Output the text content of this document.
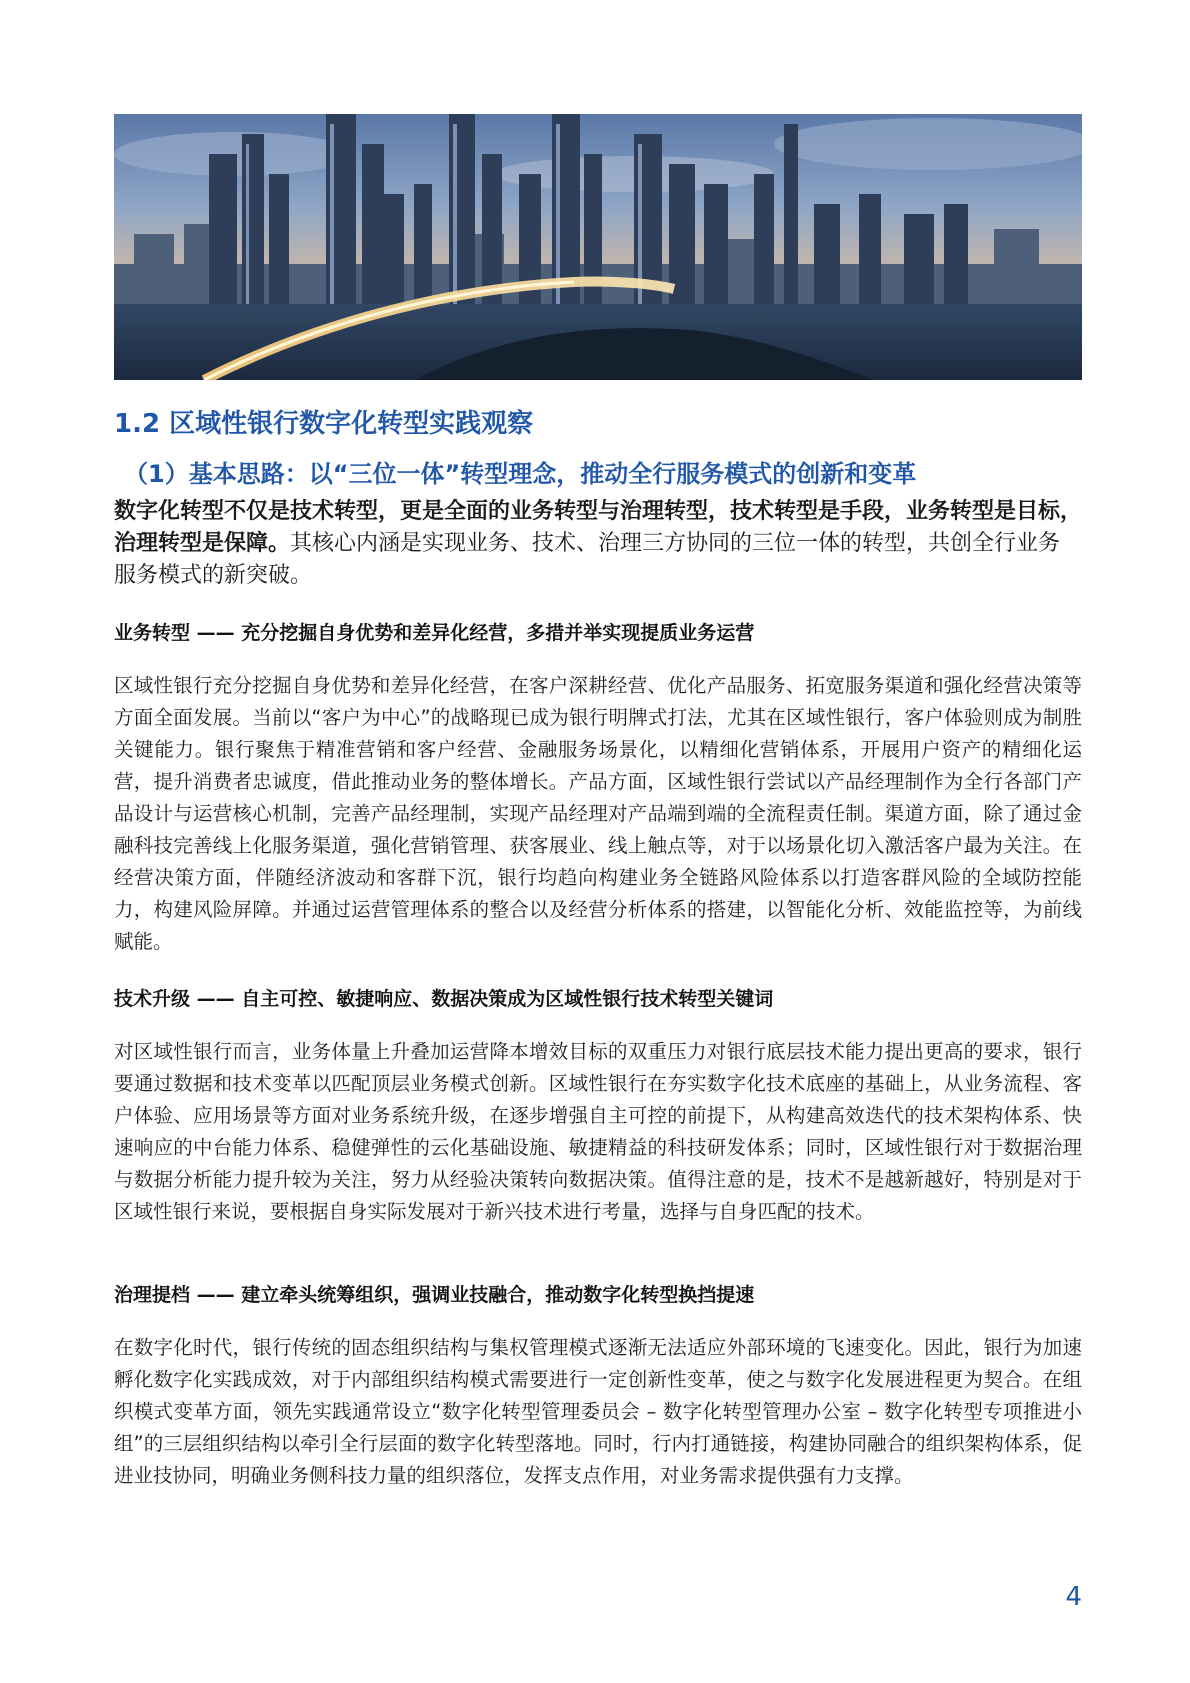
1.2 区域性银行数字化转型实践观察
（1）基本思路：以“三位一体”转型理念，推动全行服务模式的创新和变革

数字化转型不仅是技术转型，更是全面的业务转型与治理转型，技术转型是手段，业务转型是目标，治理转型是保障。其核心内涵是实现业务、技术、治理三方协同的三位一体的转型，共创全行业务服务模式的新突破。

业务转型 —— 充分挖掘自身优势和差异化经营，多措并举实现提质业务运营

区域性银行充分挖掘自身优势和差异化经营，在客户深耕经营、优化产品服务、拓宽服务渠道和强化经营决策等方面全面发展。当前以“客户为中心”的战略现已成为银行明牌式打法，尤其在区域性银行，客户体验则成为制胜关键能力。银行聚焦于精准营销和客户经营、金融服务场景化，以精细化营销体系，开展用户资产的精细化运营，提升消费者忠诚度，借此推动业务的整体增长。产品方面，区域性银行尝试以产品经理制作为全行各部门产品设计与运营核心机制，完善产品经理制，实现产品经理对产品端到端的全流程责任制。渠道方面，除了通过金融科技完善线上化服务渠道，强化营销管理、获客展业、线上触点等，对于以场景化切入激活客户最为关注。在经营决策方面，伴随经济波动和客群下沉，银行均趋向构建业务全链路风险体系以打造客群风险的全域防控能力，构建风险屏障。并通过运营管理体系的整合以及经营分析体系的搭建，以智能化分析、效能监控等，为前线赋能。

技术升级 —— 自主可控、敏捷响应、数据决策成为区域性银行技术转型关键词

对区域性银行而言，业务体量上升叠加运营降本增效目标的双重压力对银行底层技术能力提出更高的要求，银行要通过数据和技术变革以匹配顶层业务模式创新。区域性银行在夯实数字化技术底座的基础上，从业务流程、客户体验、应用场景等方面对业务系统升级，在逐步增强自主可控的前提下，从构建高效迭代的技术架构体系、快速响应的中台能力体系、稳健弹性的云化基础设施、敏捷精益的科技研发体系；同时，区域性银行对于数据治理与数据分析能力提升较为关注，努力从经验决策转向数据决策。值得注意的是，技术不是越新越好，特别是对于区域性银行来说，要根据自身实际发展对于新兴技术进行考量，选择与自身匹配的技术。

治理提档 —— 建立牵头统筹组织，强调业技融合，推动数字化转型换挡提速

在数字化时代，银行传统的固态组织结构与集权管理模式逐渐无法适应外部环境的飞速变化。因此，银行为加速孵化数字化实践成效，对于内部组织结构模式需要进行一定创新性变革，使之与数字化发展进程更为契合。在组织模式变革方面，领先实践通常设立“数字化转型管理委员会 – 数字化转型管理办公室 – 数字化转型专项推进小组”的三层组织结构以牵引全行层面的数字化转型落地。同时，行内打通链接，构建协同融合的组织架构体系，促进业技协同，明确业务侧科技力量的组织落位，发挥支点作用，对业务需求提供强有力支撑。

4
